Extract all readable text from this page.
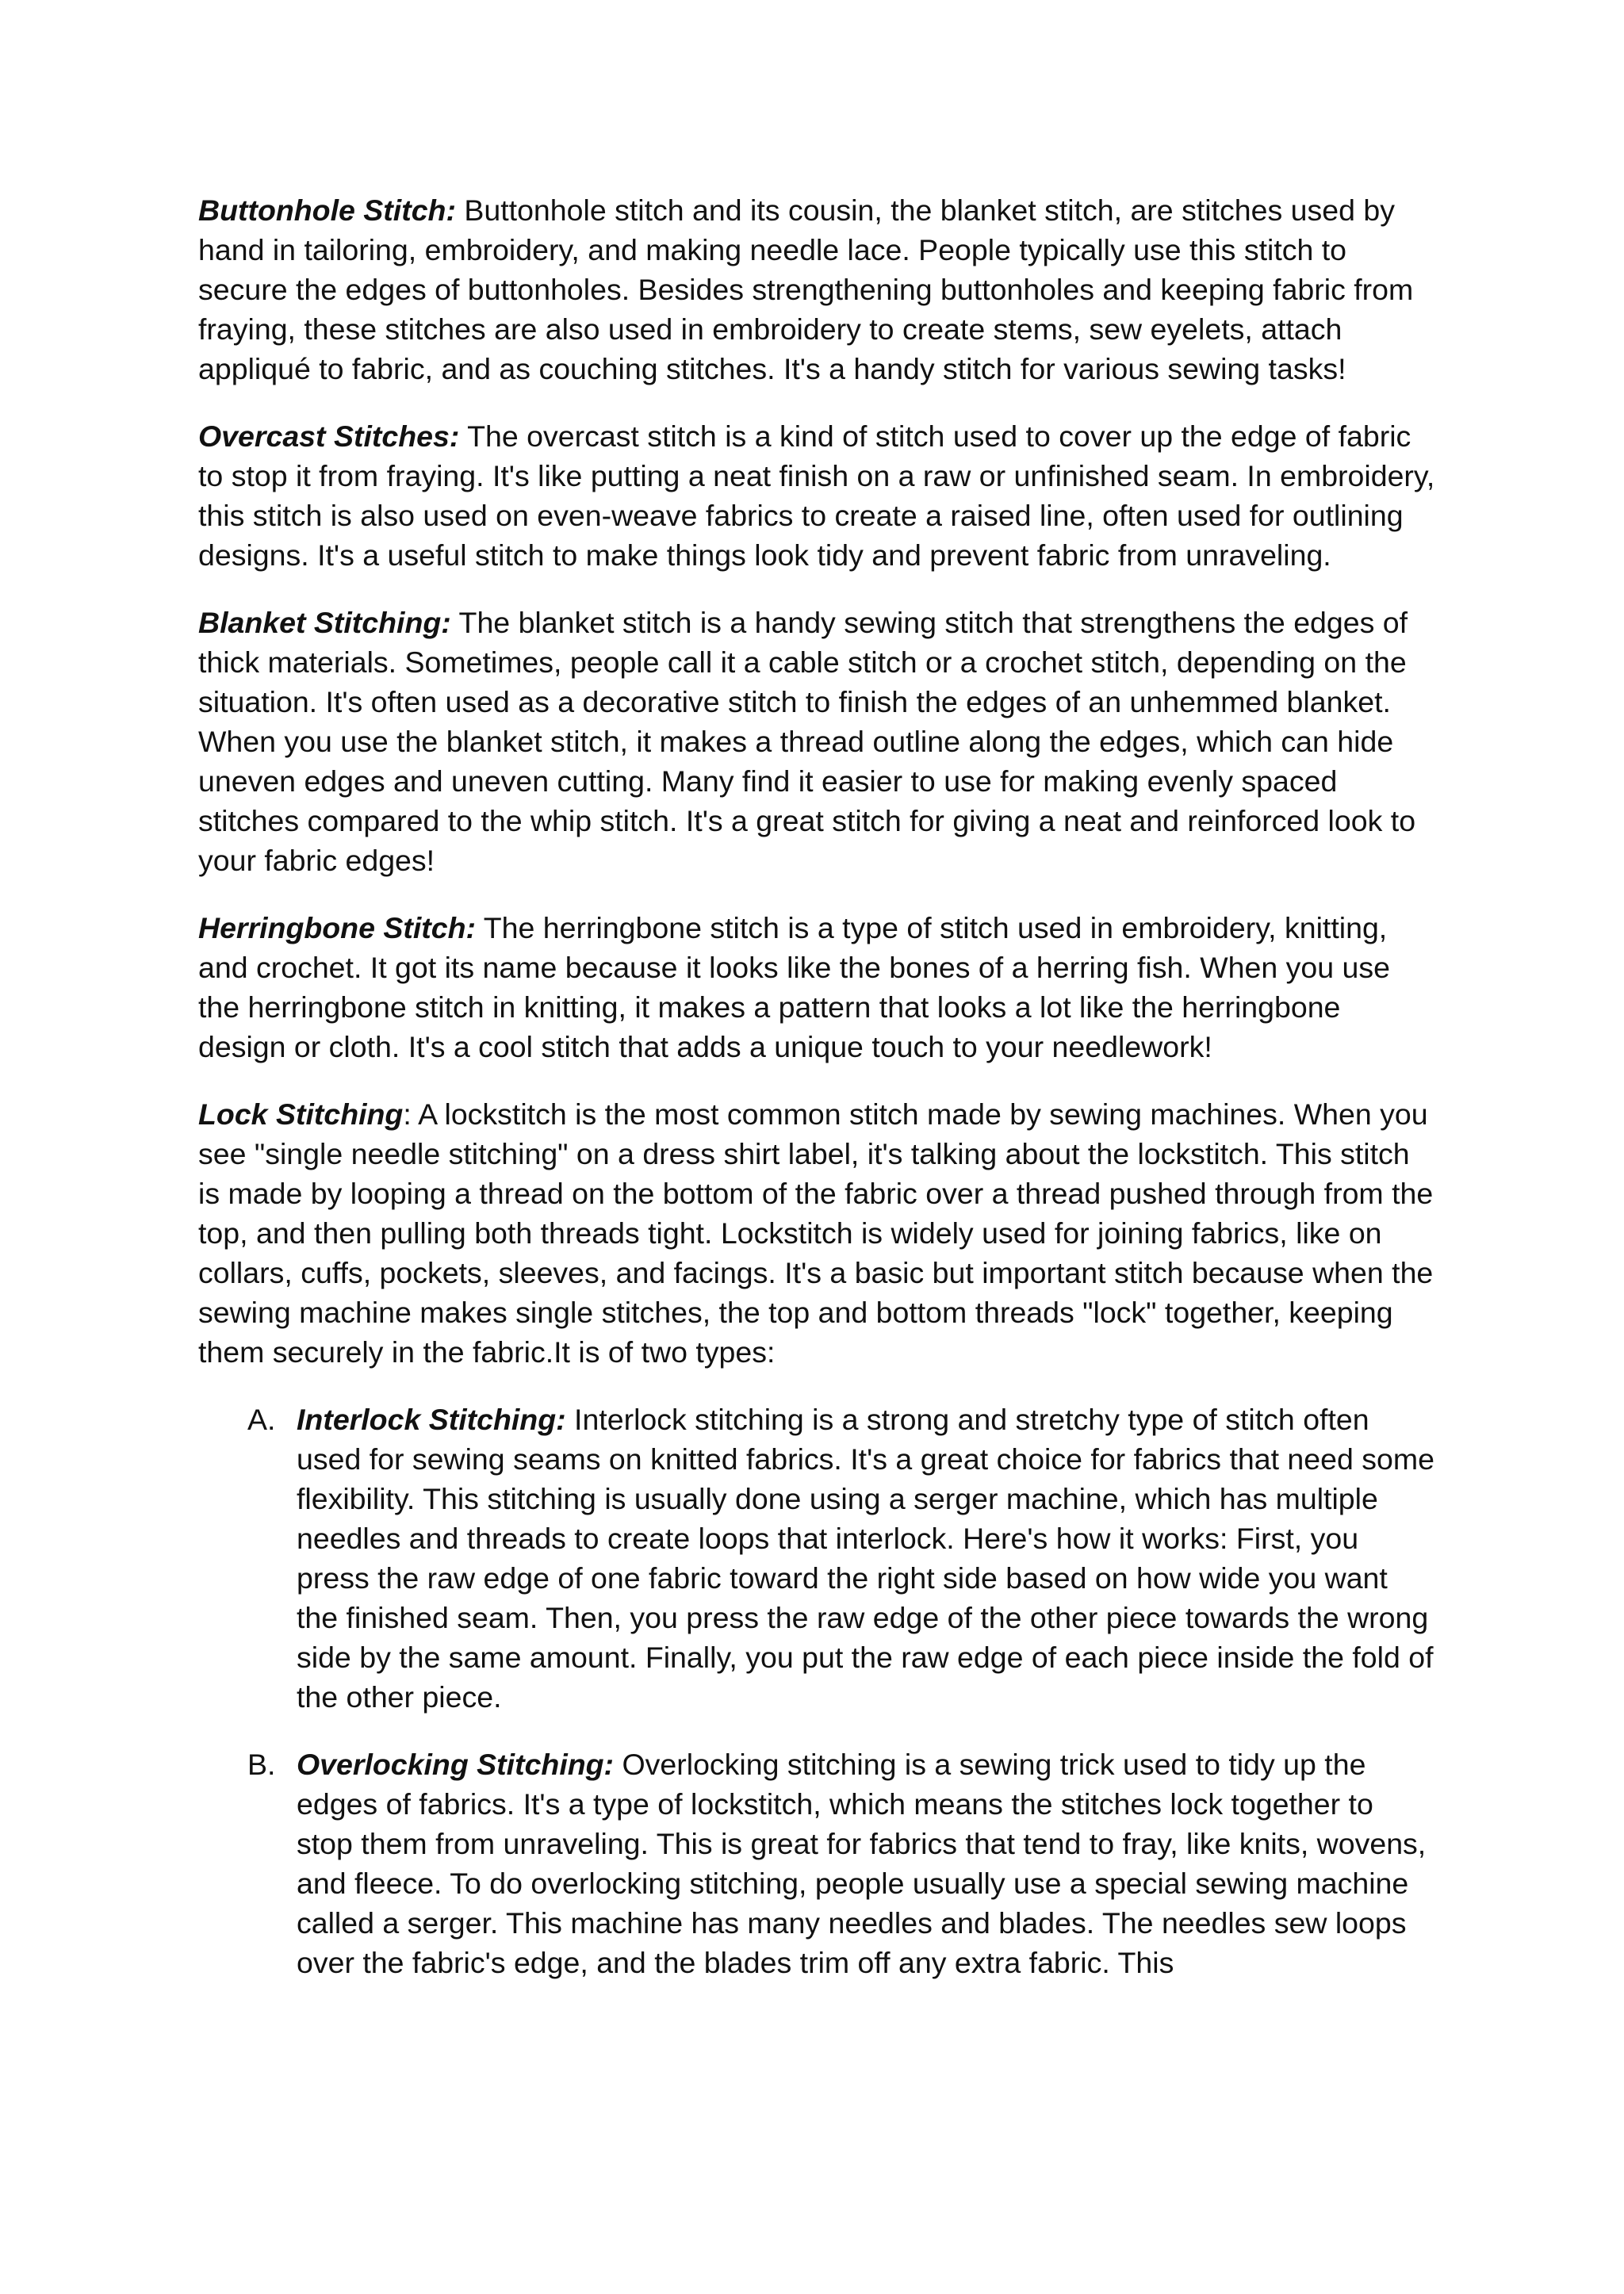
Buttonhole Stitch: Buttonhole stitch and its cousin, the blanket stitch, are stitches used by hand in tailoring, embroidery, and making needle lace. People typically use this stitch to secure the edges of buttonholes. Besides strengthening buttonholes and keeping fabric from fraying, these stitches are also used in embroidery to create stems, sew eyelets, attach appliqué to fabric, and as couching stitches. It's a handy stitch for various sewing tasks!

Overcast Stitches: The overcast stitch is a kind of stitch used to cover up the edge of fabric to stop it from fraying. It's like putting a neat finish on a raw or unfinished seam. In embroidery, this stitch is also used on even-weave fabrics to create a raised line, often used for outlining designs. It's a useful stitch to make things look tidy and prevent fabric from unraveling.

Blanket Stitching: The blanket stitch is a handy sewing stitch that strengthens the edges of thick materials. Sometimes, people call it a cable stitch or a crochet stitch, depending on the situation. It's often used as a decorative stitch to finish the edges of an unhemmed blanket. When you use the blanket stitch, it makes a thread outline along the edges, which can hide uneven edges and uneven cutting. Many find it easier to use for making evenly spaced stitches compared to the whip stitch. It's a great stitch for giving a neat and reinforced look to your fabric edges!

Herringbone Stitch: The herringbone stitch is a type of stitch used in embroidery, knitting, and crochet. It got its name because it looks like the bones of a herring fish. When you use the herringbone stitch in knitting, it makes a pattern that looks a lot like the herringbone design or cloth. It's a cool stitch that adds a unique touch to your needlework!

Lock Stitching: A lockstitch is the most common stitch made by sewing machines. When you see "single needle stitching" on a dress shirt label, it's talking about the lockstitch. This stitch is made by looping a thread on the bottom of the fabric over a thread pushed through from the top, and then pulling both threads tight. Lockstitch is widely used for joining fabrics, like on collars, cuffs, pockets, sleeves, and facings. It's a basic but important stitch because when the sewing machine makes single stitches, the top and bottom threads "lock" together, keeping them securely in the fabric.It is of two types:

A. Interlock Stitching: Interlock stitching is a strong and stretchy type of stitch often used for sewing seams on knitted fabrics. It's a great choice for fabrics that need some flexibility. This stitching is usually done using a serger machine, which has multiple needles and threads to create loops that interlock. Here's how it works: First, you press the raw edge of one fabric toward the right side based on how wide you want the finished seam. Then, you press the raw edge of the other piece towards the wrong side by the same amount. Finally, you put the raw edge of each piece inside the fold of the other piece.
B. Overlocking Stitching: Overlocking stitching is a sewing trick used to tidy up the edges of fabrics. It's a type of lockstitch, which means the stitches lock together to stop them from unraveling. This is great for fabrics that tend to fray, like knits, wovens, and fleece. To do overlocking stitching, people usually use a special sewing machine called a serger. This machine has many needles and blades. The needles sew loops over the fabric's edge, and the blades trim off any extra fabric. This
